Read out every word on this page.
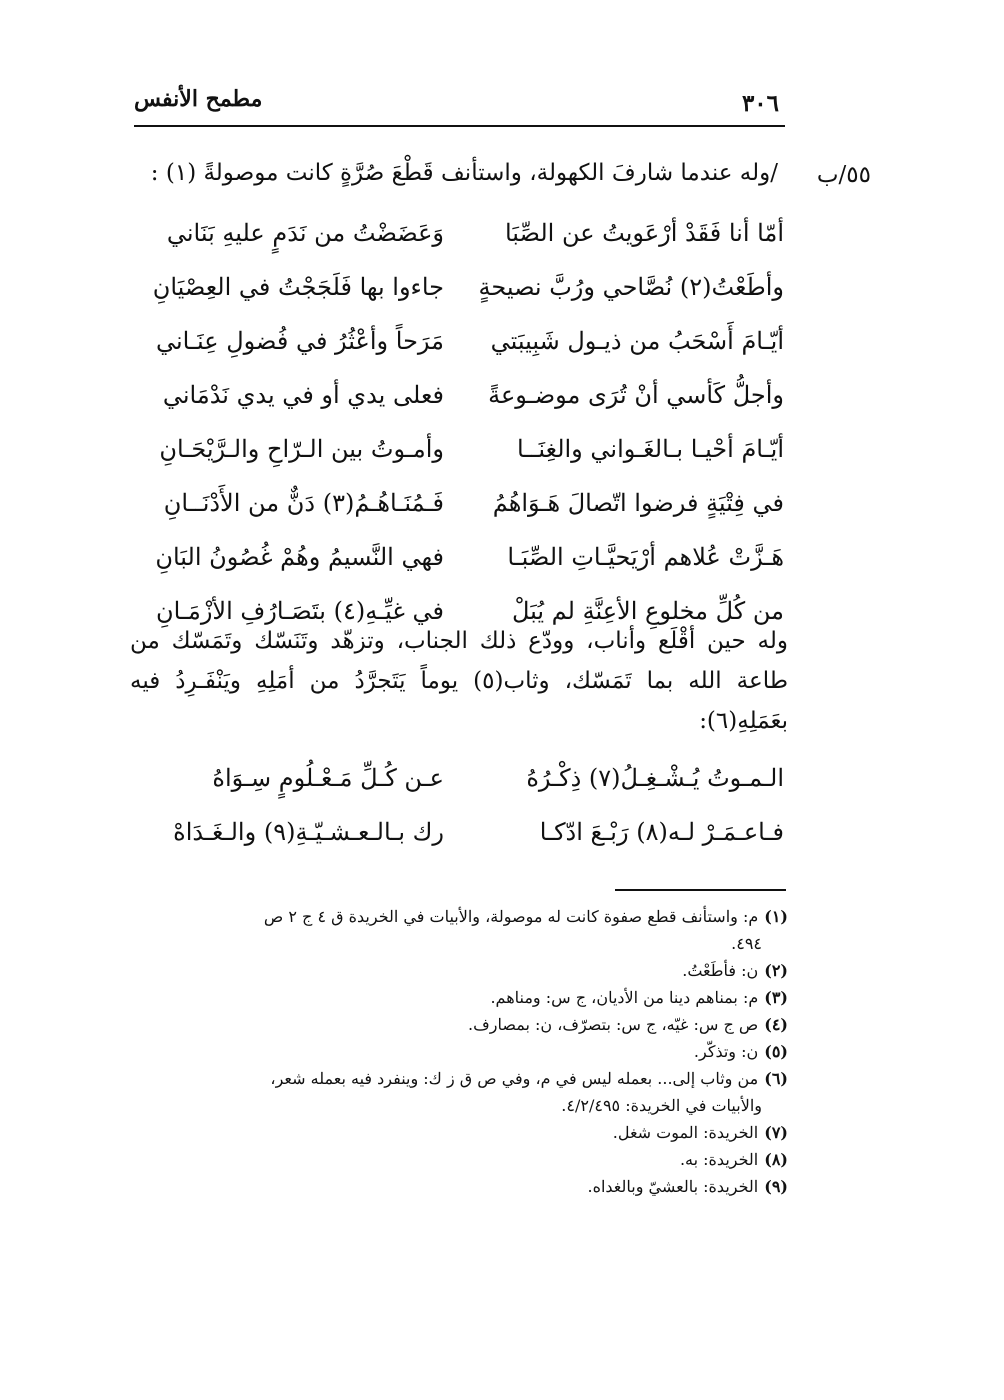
مطمح الأنفس	٣٠٦
٥٥/ب
/وله عندما شارفَ الكهولة، واستأنف قَطْعَ صُرَّةٍ كانت موصولةً (١) :
أمّا أنا فَقَدْ أرْعَويتُ عن الصِّبَا
وَعَضَضْتُ من نَدَمٍ عليهِ بَنَاني
وأطَعْتُ(٢) نُصَّاحي ورُبَّ نصيحةٍ
جاءوا بها فَلَجَجْتُ في العِصْيَانِ
أيّـامَ أَسْحَبُ من ذيـول شَبِيبَتي
مَرَحاً وأعْثُرُ في فُضولِ عِنَـاني
وأجلُّ كَأسي أنْ تُرَى موضـوعةً
فعلى يدي أو في يدي نَدْمَاني
أيّـامَ أحْيـا بـالغَـواني والغِنَــا
وأمـوتُ بين الـرّاحِ والـرَّيْحَـانِ
في فِتْيَةٍ فرضوا اتّصالَ هَـوَاهُمُ
فَـمُنَـاهُـمُ(٣) دَنٌّ من الأَدْنَــانِ
هَـزَّتْ عُلاهم أرْيَحيَّـاتِ الصِّبَـا
فهي النَّسيمُ وهُمْ غُصُونُ البَانِ
من كُلِّ مخلوعِ الأعِنَّةِ لم يُبَلْ
في غيِّـهِ(٤) بتَصَـارُفِ الأزْمَـانِ
وله حين أقْلَع وأناب، وودّع ذلك الجناب، وتزهّد وتَنَسّك وتَمَسّك من طاعة الله بما تَمَسّك، وثاب(٥) يوماً يَتَجرَّدُ من أمَلِهِ ويَنْفَـرِدُ فيه بعَمَلِهِ(٦):
الـمـوتُ يُـشْـغِـلُ(٧) ذِكْـرُهُ
عـن كُـلِّ مَـعْـلُومٍ سِـوَاهُ
فـاعـمَـرْ لـه(٨) رَبْـعَ ادّكـا
رك بـالـعـشـيّـةِ(٩) والـغَـدَاهْ

(١)م: واستأنف قطع صفوة كانت له موصولة، والأبيات في الخريدة ق ٤ ج ٢ ص

٤٩٤.

(٢)ن: فأطَعْتُ.

(٣)م: بمناهم دينا من الأديان، ج س: ومناهم.

(٤)ص ج س: غيّه، ج س: بتصرّف، ن: بمصارف.

(٥)ن: وتذكّر.

(٦)من وثاب إلى... بعمله ليس في م، وفي ص ق ز ك: وينفرد فيه بعمله شعر،

والأبيات في الخريدة: ٤/٢/٤٩٥.

(٧)الخريدة: الموت شغل.

(٨)الخريدة: به.

(٩)الخريدة: بالعشيّ وبالغداه.
